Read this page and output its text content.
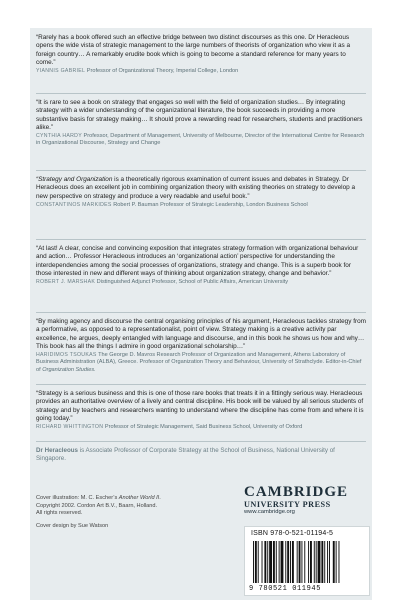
“Rarely has a book offered such an effective bridge between two distinct discourses as this one. Dr Heracleous opens the wide vista of strategic management to the large numbers of theorists of organization who view it as a foreign country… A remarkably erudite book which is going to become a standard reference for many years to come.”

YIANNIS GABRIEL Professor of Organizational Theory, Imperial College, London

“It is rare to see a book on strategy that engages so well with the field of organization studies… By integrating strategy with a wider understanding of the organizational literature, the book succeeds in providing a more substantive basis for strategy making… It should prove a rewarding read for researchers, students and practitioners alike.”

CYNTHIA HARDY Professor, Department of Management, University of Melbourne, Director of the International Centre for Research in Organizational Discourse, Strategy and Change

“Strategy and Organization is a theoretically rigorous examination of current issues and debates in Strategy. Dr Heracleous does an excellent job in combining organization theory with existing theories on strategy to develop a new perspective on strategy and produce a very readable and useful book.”

CONSTANTINOS MARKIDES Robert P. Bauman Professor of Strategic Leadership, London Business School

“At last! A clear, concise and convincing exposition that integrates strategy formation with organizational behaviour and action… Professor Heracleous introduces an ‘organizational action’ perspective for understanding the interdependencies among the social processes of organizations, strategy and change. This is a superb book for those interested in new and different ways of thinking about organization strategy, change and behavior.”

ROBERT J. MARSHAK Distinguished Adjunct Professor, School of Public Affairs, American University

“By making agency and discourse the central organising principles of his argument, Heracleous tackles strategy from a performative, as opposed to a representationalist, point of view. Strategy making is a creative activity par excellence, he argues, deeply entangled with language and discourse, and in this book he shows us how and why… This book has all the things I admire in good organizational scholarship…”

HARIDIMOS TSOUKAS The George D. Mavros Research Professor of Organization and Management, Athens Laboratory of Business Administration (ALBA), Greece. Professor of Organization Theory and Behaviour, University of Strathclyde. Editor-in-Chief of Organization Studies.

“Strategy is a serious business and this is one of those rare books that treats it in a fittingly serious way. Heracleous provides an authoritative overview of a lively and central discipline. His book will be valued by all serious students of strategy and by teachers and researchers wanting to understand where the discipline has come from and where it is going today.”

RICHARD WHITTINGTON Professor of Strategic Management, Said Business School, University of Oxford

Dr Heracleous is Associate Professor of Corporate Strategy at the School of Business, National University of Singapore.
Cover illustration: M. C. Escher’s Another World II.
Copyright 2002. Cordon Art B.V., Baarn, Holland.
All rights reserved.
Cover design by Sue Watson
CAMBRIDGE
UNIVERSITY PRESS
www.cambridge.org
ISBN 978-0-521-01194-5
9 780521 011945
